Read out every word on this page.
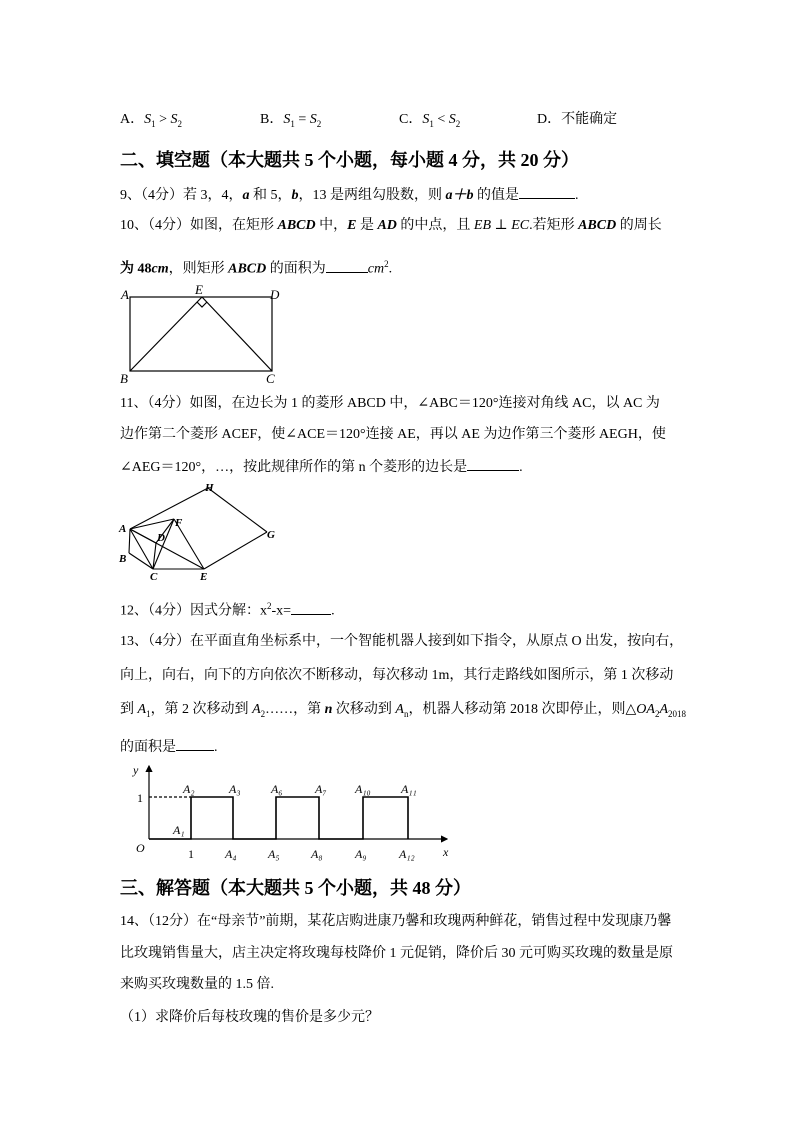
A．$S_1 > S_2$	B．$S_1 = S_2$	C．$S_1 < S_2$	D．不能确定
二、填空题（本大题共 5 个小题，每小题 4 分，共 20 分）
9、（4分）若 3，4，a 和 5，b，13 是两组勾股数，则 a＋b 的值是	.
10、（4分）如图，在矩形 ABCD 中，E 是 AD 的中点，且 EB ⊥ EC.若矩形 ABCD 的周长
为 48cm，则矩形 ABCD 的面积为	$cm^2$.
A	E	D
B	C
11、（4分）如图，在边长为 1 的菱形 ABCD 中，∠ABC＝120°连接对角线 AC，以 AC 为
边作第二个菱形 ACEF，使∠ACE＝120°连接 AE，再以 AE 为边作第三个菱形 AEGH，使
∠AEG＝120°，…，按此规律所作的第 n 个菱形的边长是	.
A
B
C
D
E
F
G
H
12、（4分）因式分解：$x^2-x=$	.
13、（4分）在平面直角坐标系中，一个智能机器人接到如下指令，从原点 O 出发，按向右，
向上，向右，向下的方向依次不断移动，每次移动 1m，其行走路线如图所示，第 1 次移动
到 $A_1$，第 2 次移动到 $A_2\dots\dots$，第 n 次移动到 $A_n$，机器人移动第 2018 次即停止，则$\triangle OA_2A_{2018}$
的面积是	.
y
x
O
A₁
1
1
A₂	A₃	A₆	A₇ A₁₀	A₁₁
A₄	A₅	A₈	A₉	A₁₂
三、解答题（本大题共 5 个小题，共 48 分）
14、（12分）在“母亲节”前期，某花店购进康乃馨和玫瑰两种鲜花，销售过程中发现康乃馨
比玫瑰销售量大，店主决定将玫瑰每枝降价 1 元促销，降价后 30 元可购买玫瑰的数量是原
来购买玫瑰数量的 1.5 倍.
（1）求降价后每枝玫瑰的售价是多少元？
